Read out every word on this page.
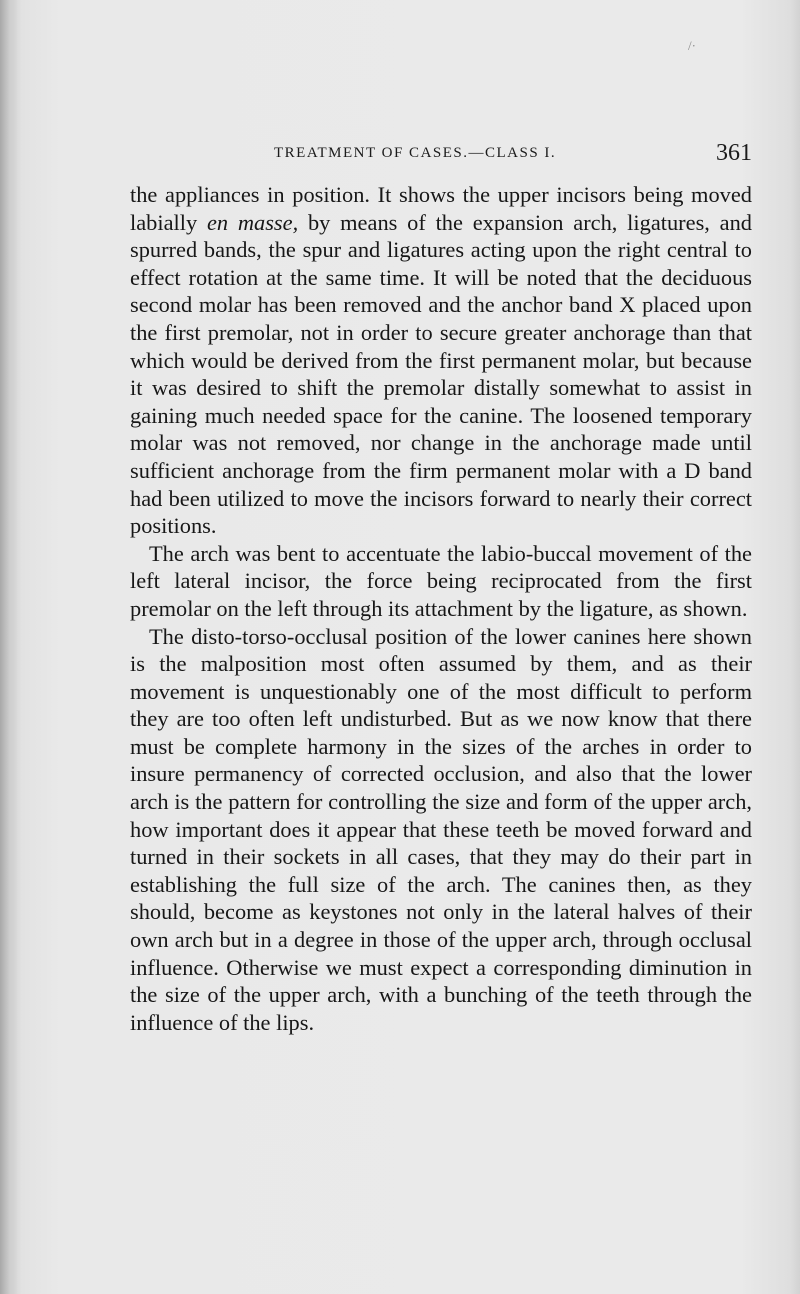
/·
TREATMENT OF CASES.—CLASS I.	361

the appliances in position. It shows the upper incisors being moved labially en masse, by means of the expansion arch, ligatures, and spurred bands, the spur and ligatures acting upon the right central to effect rotation at the same time. It will be noted that the deciduous second molar has been removed and the anchor band X placed upon the first premolar, not in order to secure greater anchorage than that which would be derived from the first permanent molar, but because it was desired to shift the premolar distally somewhat to assist in gaining much needed space for the canine. The loosened temporary molar was not removed, nor change in the anchorage made until sufficient anchorage from the firm permanent molar with a D band had been utilized to move the incisors forward to nearly their correct positions.

The arch was bent to accentuate the labio-buccal movement of the left lateral incisor, the force being reciprocated from the first premolar on the left through its attachment by the ligature, as shown.

The disto-torso-occlusal position of the lower canines here shown is the malposition most often assumed by them, and as their movement is unquestionably one of the most difficult to perform they are too often left undisturbed. But as we now know that there must be complete harmony in the sizes of the arches in order to insure permanency of corrected occlusion, and also that the lower arch is the pattern for controlling the size and form of the upper arch, how important does it appear that these teeth be moved forward and turned in their sockets in all cases, that they may do their part in establishing the full size of the arch. The canines then, as they should, become as keystones not only in the lateral halves of their own arch but in a degree in those of the upper arch, through occlusal influence. Otherwise we must expect a corresponding diminution in the size of the upper arch, with a bunching of the teeth through the influence of the lips.
